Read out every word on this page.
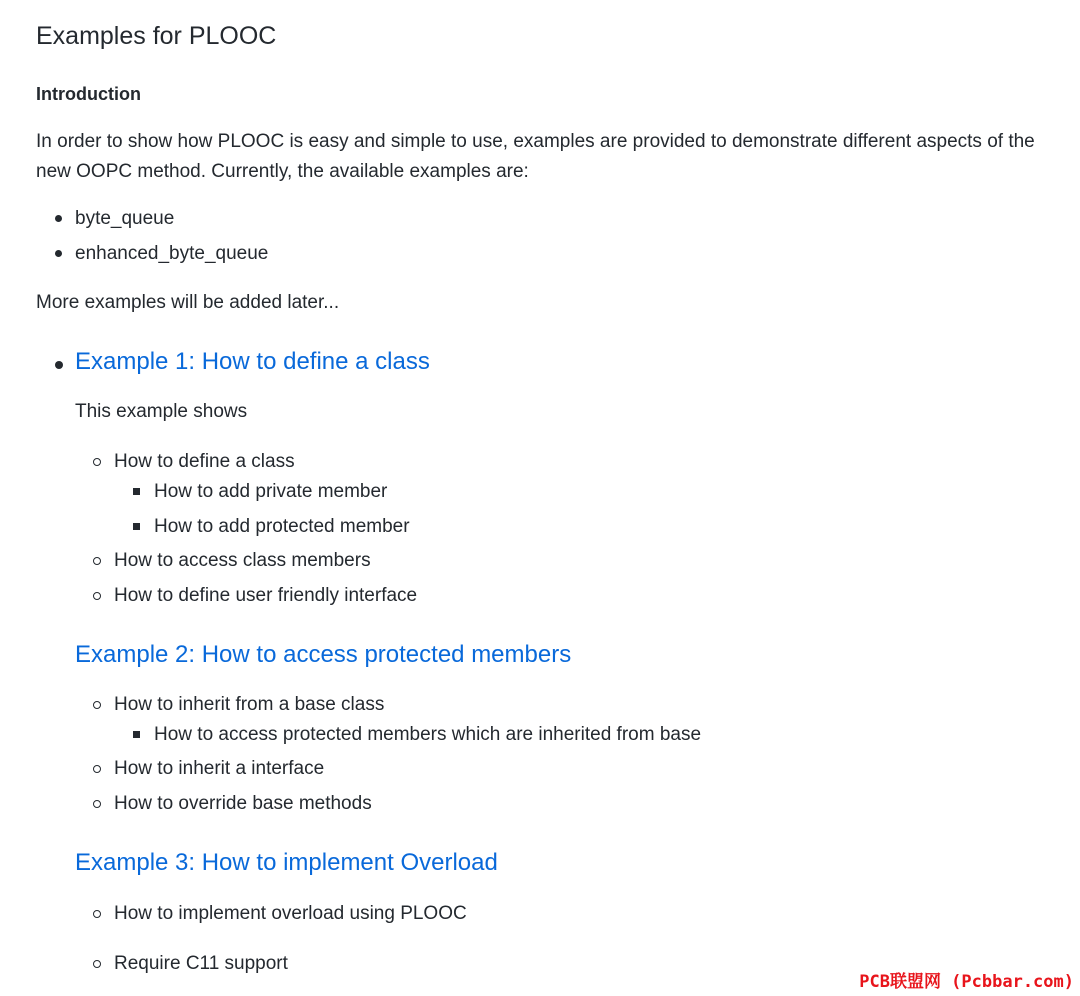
Examples for PLOOC
Introduction

In order to show how PLOOC is easy and simple to use, examples are provided to demonstrate different aspects of the new OOPC method. Currently, the available examples are:

byte_queue
enhanced_byte_queue
More examples will be added later...
Example 1: How to define a class
This example shows
How to define a class
How to add private member
How to add protected member
How to access class members
How to define user friendly interface
Example 2: How to access protected members
How to inherit from a base class
How to access protected members which are inherited from base
How to inherit a interface
How to override base methods
Example 3: How to implement Overload
How to implement overload using PLOOC
Require C11 support
PCB联盟网 (Pcbbar.com)
